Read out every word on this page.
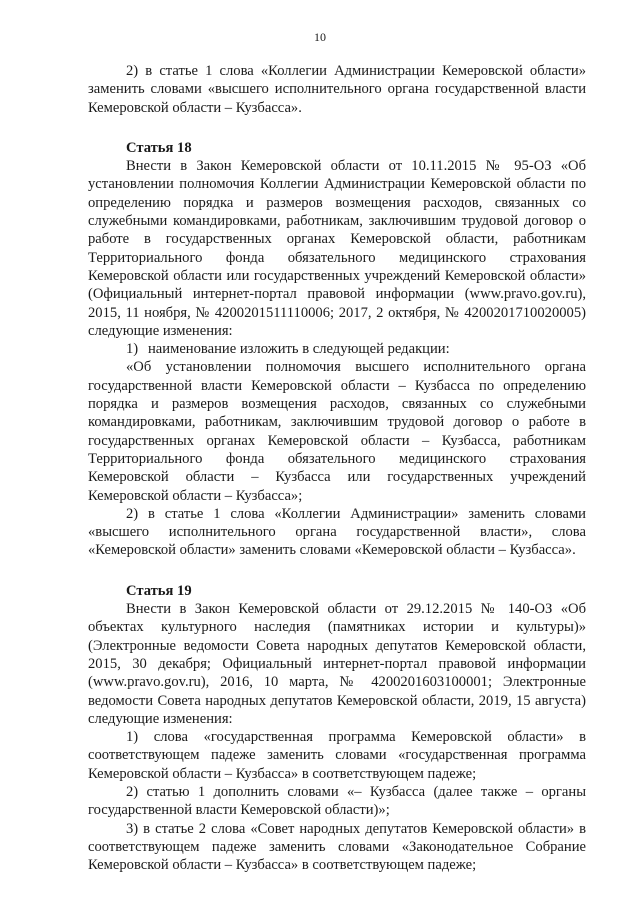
10

2) в статье 1 слова «Коллегии Администрации Кемеровской области» заменить словами «высшего исполнительного органа государственной власти Кемеровской области – Кузбасса».

Статья 18

Внести в Закон Кемеровской области от 10.11.2015 № 95-ОЗ «Об установлении полномочия Коллегии Администрации Кемеровской области по определению порядка и размеров возмещения расходов, связанных со служебными командировками, работникам, заключившим трудовой договор о работе в государственных органах Кемеровской области, работникам Территориального фонда обязательного медицинского страхования Кемеровской области или государственных учреждений Кемеровской области» (Официальный интернет-портал правовой информации (www.pravo.gov.ru), 2015, 11 ноября, № 4200201511110006; 2017, 2 октября, № 4200201710020005) следующие изменения:

1) наименование изложить в следующей редакции:

«Об установлении полномочия высшего исполнительного органа государственной власти Кемеровской области – Кузбасса по определению порядка и размеров возмещения расходов, связанных со служебными командировками, работникам, заключившим трудовой договор о работе в государственных органах Кемеровской области – Кузбасса, работникам Территориального фонда обязательного медицинского страхования Кемеровской области – Кузбасса или государственных учреждений Кемеровской области – Кузбасса»;

2) в статье 1 слова «Коллегии Администрации» заменить словами «высшего исполнительного органа государственной власти», слова «Кемеровской области» заменить словами «Кемеровской области – Кузбасса».

Статья 19

Внести в Закон Кемеровской области от 29.12.2015 № 140-ОЗ «Об объектах культурного наследия (памятниках истории и культуры)» (Электронные ведомости Совета народных депутатов Кемеровской области, 2015, 30 декабря; Официальный интернет-портал правовой информации (www.pravo.gov.ru), 2016, 10 марта, № 4200201603100001; Электронные ведомости Совета народных депутатов Кемеровской области, 2019, 15 августа) следующие изменения:

1) слова «государственная программа Кемеровской области» в соответствующем падеже заменить словами «государственная программа Кемеровской области – Кузбасса» в соответствующем падеже;

2) статью 1 дополнить словами «– Кузбасса (далее также – органы государственной власти Кемеровской области)»;

3) в статье 2 слова «Совет народных депутатов Кемеровской области» в соответствующем падеже заменить словами «Законодательное Собрание Кемеровской области – Кузбасса» в соответствующем падеже;
